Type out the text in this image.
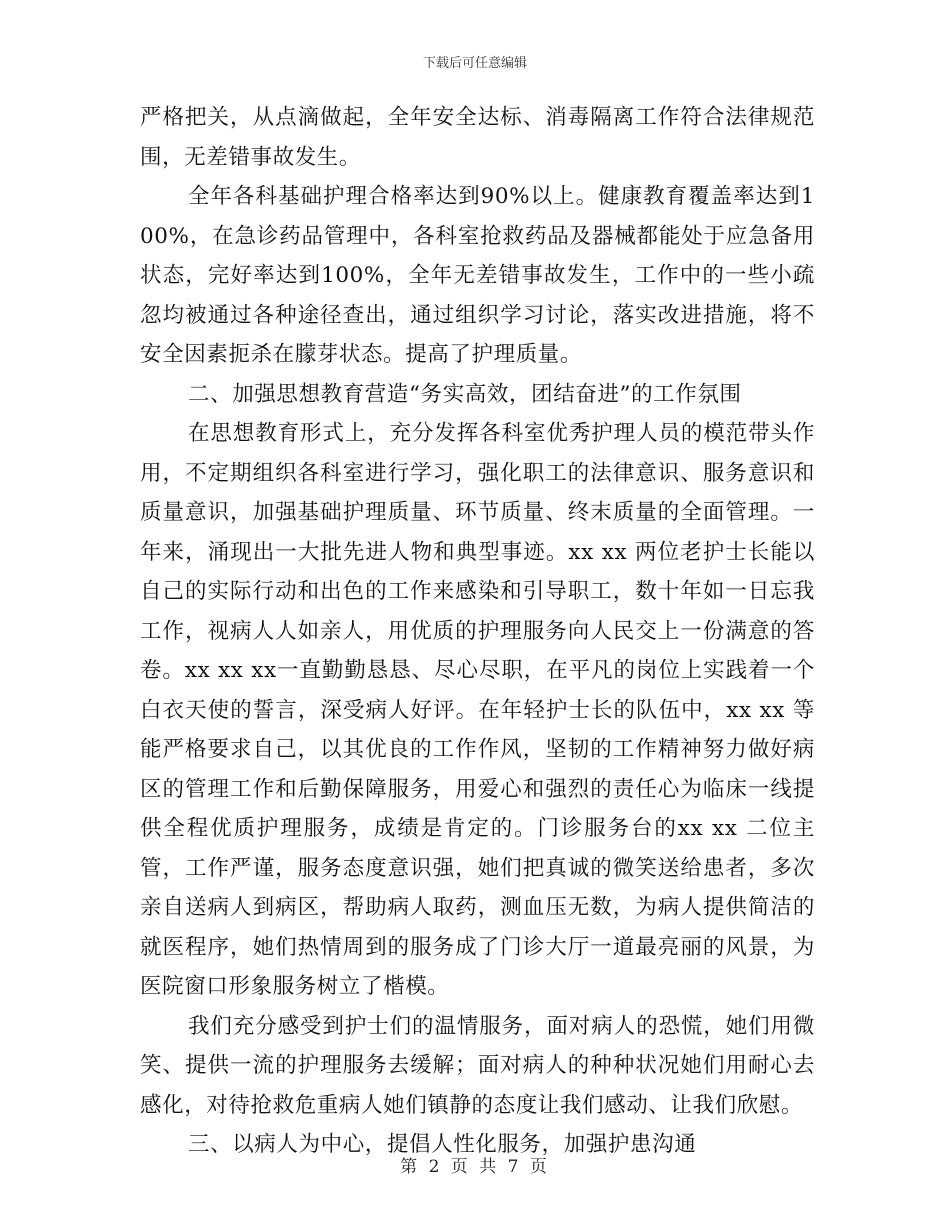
下载后可任意编辑

严格把关，从点滴做起，全年安全达标、消毒隔离工作符合法律规范围，无差错事故发生。

全年各科基础护理合格率达到90%以上。健康教育覆盖率达到100%，在急诊药品管理中，各科室抢救药品及器械都能处于应急备用状态，完好率达到100%，全年无差错事故发生，工作中的一些小疏忽均被通过各种途径查出，通过组织学习讨论，落实改进措施，将不安全因素扼杀在朦芽状态。提高了护理质量。

二、加强思想教育营造“务实高效，团结奋进”的工作氛围

在思想教育形式上，充分发挥各科室优秀护理人员的模范带头作用，不定期组织各科室进行学习，强化职工的法律意识、服务意识和质量意识，加强基础护理质量、环节质量、终末质量的全面管理。一年来，涌现出一大批先进人物和典型事迹。xx xx 两位老护士长能以自己的实际行动和出色的工作来感染和引导职工，数十年如一日忘我工作，视病人人如亲人，用优质的护理服务向人民交上一份满意的答卷。xx xx xx一直勤勤恳恳、尽心尽职，在平凡的岗位上实践着一个白衣天使的誓言，深受病人好评。在年轻护士长的队伍中，xx xx 等能严格要求自己，以其优良的工作作风，坚韧的工作精神努力做好病区的管理工作和后勤保障服务，用爱心和强烈的责任心为临床一线提供全程优质护理服务，成绩是肯定的。门诊服务台的xx xx 二位主管，工作严谨，服务态度意识强，她们把真诚的微笑送给患者，多次亲自送病人到病区，帮助病人取药，测血压无数，为病人提供简洁的就医程序，她们热情周到的服务成了门诊大厅一道最亮丽的风景，为医院窗口形象服务树立了楷模。

我们充分感受到护士们的温情服务，面对病人的恐慌，她们用微笑、提供一流的护理服务去缓解；面对病人的种种状况她们用耐心去感化，对待抢救危重病人她们镇静的态度让我们感动、让我们欣慰。

三、以病人为中心，提倡人性化服务，加强护患沟通

第 2 页 共 7 页
